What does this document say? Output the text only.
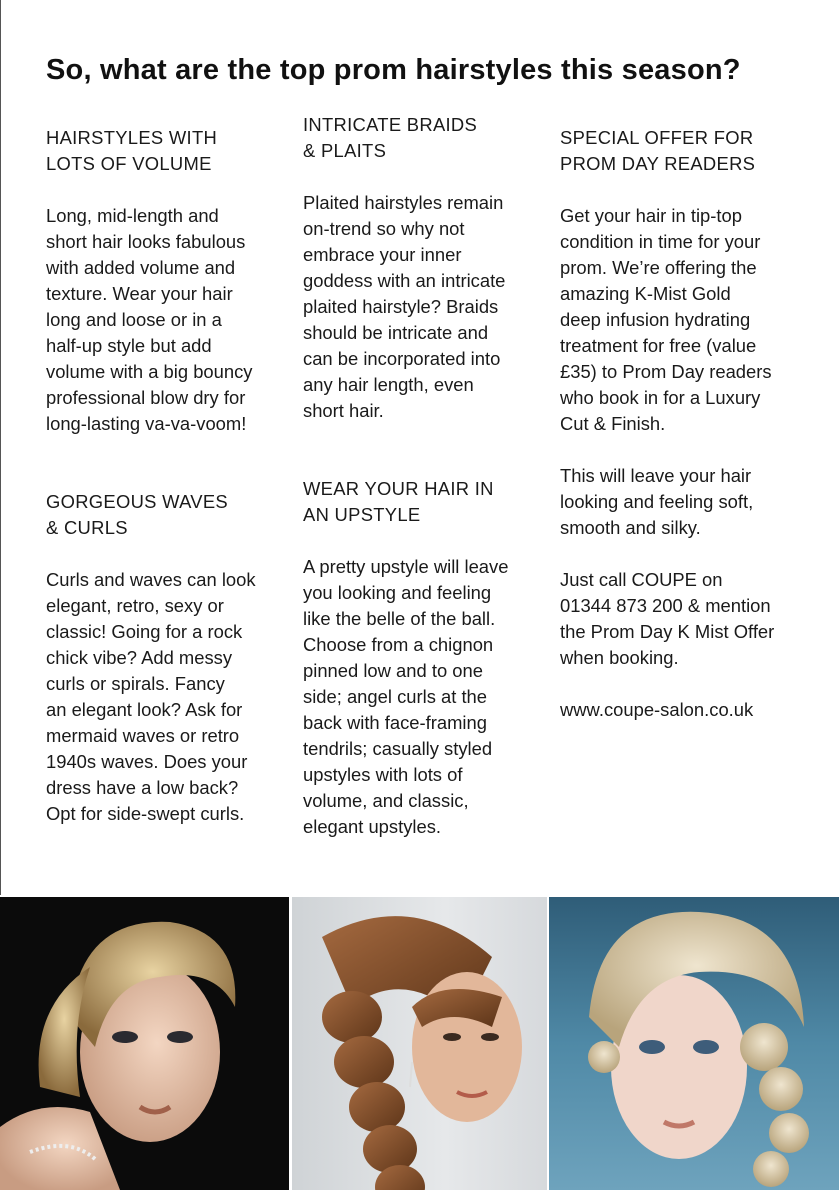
So, what are the top prom hairstyles this season?
HAIRSTYLES WITH
LOTS OF VOLUME

Long, mid-length and
short hair looks fabulous
with added volume and
texture. Wear your hair
long and loose or in a
half-up style but add
volume with a big bouncy
professional blow dry for
long-lasting va-va-voom!

GORGEOUS WAVES
& CURLS

Curls and waves can look
elegant, retro, sexy or
classic! Going for a rock
chick vibe? Add messy
curls or spirals. Fancy
an elegant look? Ask for
mermaid waves or retro
1940s waves. Does your
dress have a low back?
Opt for side-swept curls.

INTRICATE BRAIDS
& PLAITS

Plaited hairstyles remain
on-trend so why not
embrace your inner
goddess with an intricate
plaited hairstyle? Braids
should be intricate and
can be incorporated into
any hair length, even
short hair.

WEAR YOUR HAIR IN
AN UPSTYLE

A pretty upstyle will leave
you looking and feeling
like the belle of the ball.
Choose from a chignon
pinned low and to one
side; angel curls at the
back with face-framing
tendrils; casually styled
upstyles with lots of
volume, and classic,
elegant upstyles.

SPECIAL OFFER FOR
PROM DAY READERS

Get your hair in tip-top
condition in time for your
prom. We’re offering the
amazing K-Mist Gold
deep infusion hydrating
treatment for free (value
£35) to Prom Day readers
who book in for a Luxury
Cut & Finish.

This will leave your hair
looking and feeling soft,
smooth and silky.

Just call COUPE on
01344 873 200 & mention
the Prom Day K Mist Offer
when booking.

www.coupe-salon.co.uk
